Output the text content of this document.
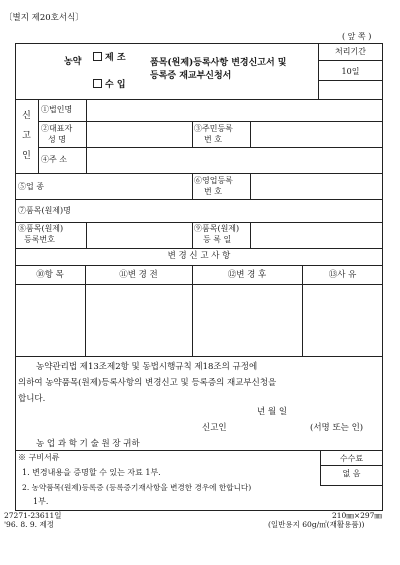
〔별지 제20호서식〕
( 앞 쪽 )
농약	제 조
수 입
품목(원제)등록사항 변경신고서 및
등록증 재교부신청서
처리기간
10일
신
고
인
①법인명
②대표자
성 명
③주민등록
번 호
④주 소
⑤업 종
⑥영업등록
번 호
⑦품목(원제)명
⑧품목(원제)
등록번호
⑨품목(원제)
등 록 일
변 경 신 고 사 항
⑩항 목	⑪변 경 전	⑫변 경 후	⑬사 유
농약관리법 제13조제2항 및 동법시행규칙 제18조의 규정에
의하여 농약품목(원제)등록사항의 변경신고 및 등록증의 재교부신청을
합니다.
년 월 일
신고인	(서명 또는 인)
농 업 과 학 기 술 원 장 귀하
※ 구비서류
1. 변경내용을 증명할 수 있는 자료 1부.
2. 농약품목(원제)등록증 (등록증기재사항을 변경한 경우에 한합니다)
1부.
수수료
없 음
27271-23611일
'96. 8. 9. 제정
210㎜×297㎜
(일반용지 60g/㎡(재활용품))
